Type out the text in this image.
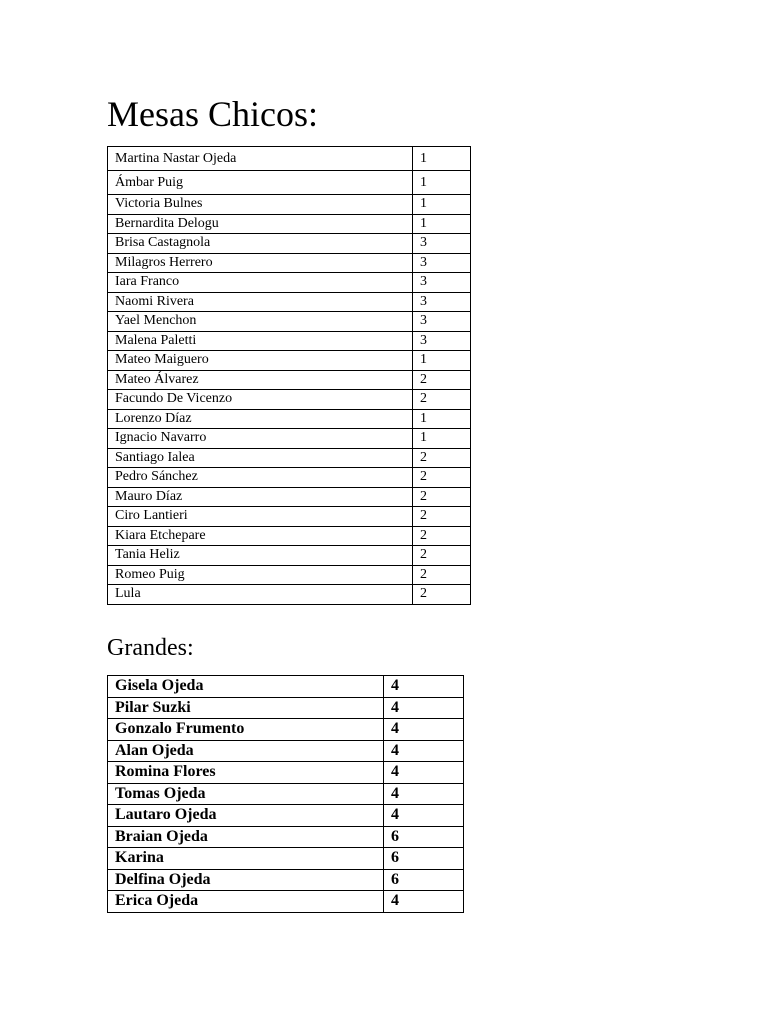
Mesas Chicos:
Martina Nastar Ojeda	1
Ámbar Puig	1
Victoria Bulnes	1
Bernardita Delogu	1
Brisa Castagnola	3
Milagros Herrero	3
Iara Franco	3
Naomi Rivera	3
Yael Menchon	3
Malena Paletti	3
Mateo Maiguero	1
Mateo Álvarez	2
Facundo De Vicenzo	2
Lorenzo Díaz	1
Ignacio Navarro	1
Santiago Ialea	2
Pedro Sánchez	2
Mauro Díaz	2
Ciro Lantieri	2
Kiara Etchepare	2
Tania Heliz	2
Romeo Puig	2
Lula	2
Grandes:
Gisela Ojeda	4
Pilar Suzki	4
Gonzalo Frumento	4
Alan Ojeda	4
Romina Flores	4
Tomas Ojeda	4
Lautaro Ojeda	4
Braian Ojeda	6
Karina	6
Delfina Ojeda	6
Erica Ojeda	4
